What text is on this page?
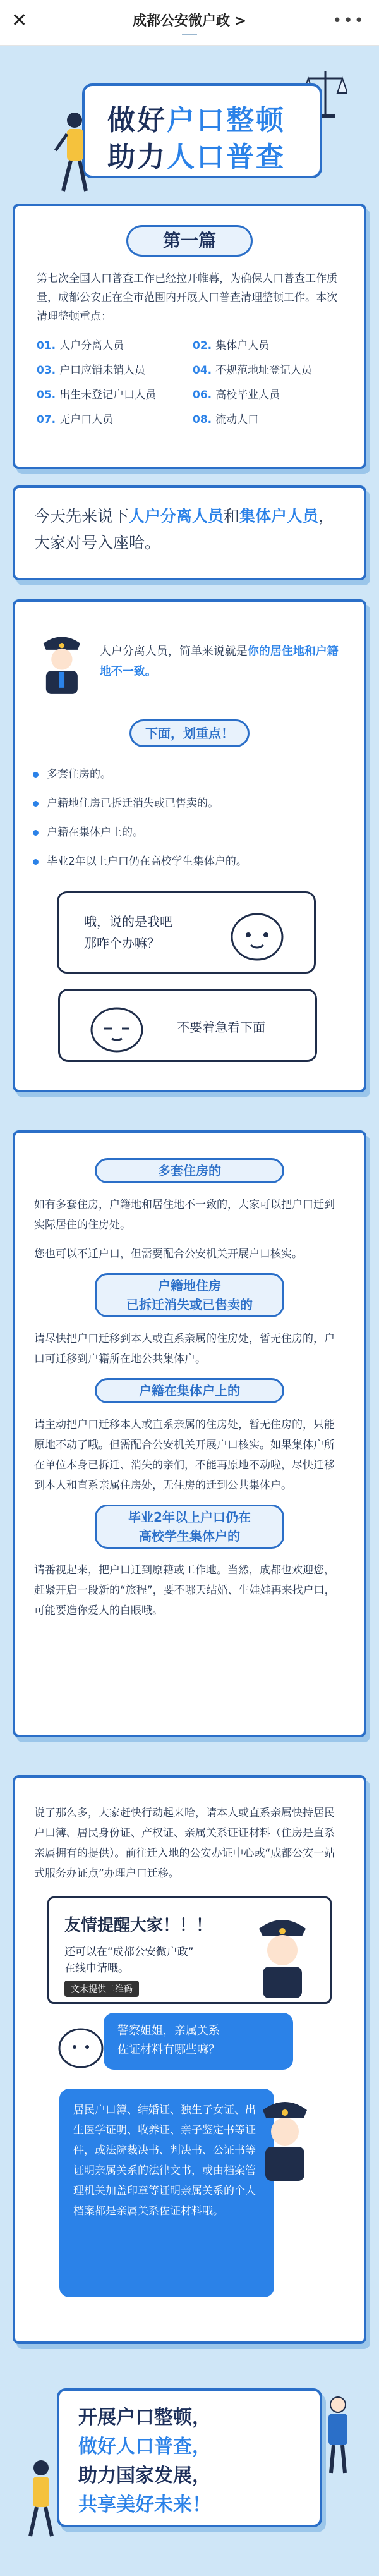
✕	成都公安微户政 >	•••
做好户口整顿
助力人口普查
第一篇

第七次全国人口普查工作已经拉开帷幕，为确保人口普查工作质量，成都公安正在全市范围内开展人口普查清理整顿工作。本次清理整顿重点：

01. 人户分离人员	02. 集体户人员
03. 户口应销未销人员	04. 不规范地址登记人员
05. 出生未登记户口人员	06. 高校毕业人员
07. 无户口人员	08. 流动人口

今天先来说下人户分离人员和集体户人员，大家对号入座哈。

人户分离人员，简单来说就是你的居住地和户籍地不一致。

下面，划重点！
多套住房的。
户籍地住房已拆迁消失或已售卖的。
户籍在集体户上的。
毕业2年以上户口仍在高校学生集体户的。
哦，说的是我吧
那咋个办嘛？
不要着急看下面
多套住房的

如有多套住房，户籍地和居住地不一致的，大家可以把户口迁到实际居住的住房处。

您也可以不迁户口，但需要配合公安机关开展户口核实。

户籍地住房
已拆迁消失或已售卖的

请尽快把户口迁移到本人或直系亲属的住房处，暂无住房的，户口可迁移到户籍所在地公共集体户。

户籍在集体户上的

请主动把户口迁移本人或直系亲属的住房处，暂无住房的，只能原地不动了哦。但需配合公安机关开展户口核实。如果集体户所在单位本身已拆迁、消失的亲们，不能再原地不动啦，尽快迁移到本人和直系亲属住房处，无住房的迁到公共集体户。

毕业2年以上户口仍在
高校学生集体户的

请番视起来，把户口迁到原籍或工作地。当然，成都也欢迎您，赶紧开启一段新的“旅程”，要不哪天结婚、生娃娃再来找户口，可能要造你爱人的白眼哦。

说了那么多，大家赶快行动起来哈，请本人或直系亲属快持居民户口簿、居民身份证、产权证、亲属关系证证材料（住房是直系亲属拥有的提供）。前往迁入地的公安办证中心或“成都公安一站式服务办证点”办理户口迁移。

友情提醒大家！！！
还可以在“成都公安微户政”
在线申请哦。
文末提供二维码
警察姐姐，亲属关系
佐证材料有哪些嘛？
居民户口簿、结婚证、独生子女证、出生医学证明、收养证、亲子鉴定书等证件，或法院裁决书、判决书、公证书等证明亲属关系的法律文书，或由档案管理机关加盖印章等证明亲属关系的个人档案都是亲属关系佐证材料哦。
开展户口整顿，
做好人口普查，
助力国家发展，
共享美好未来！
